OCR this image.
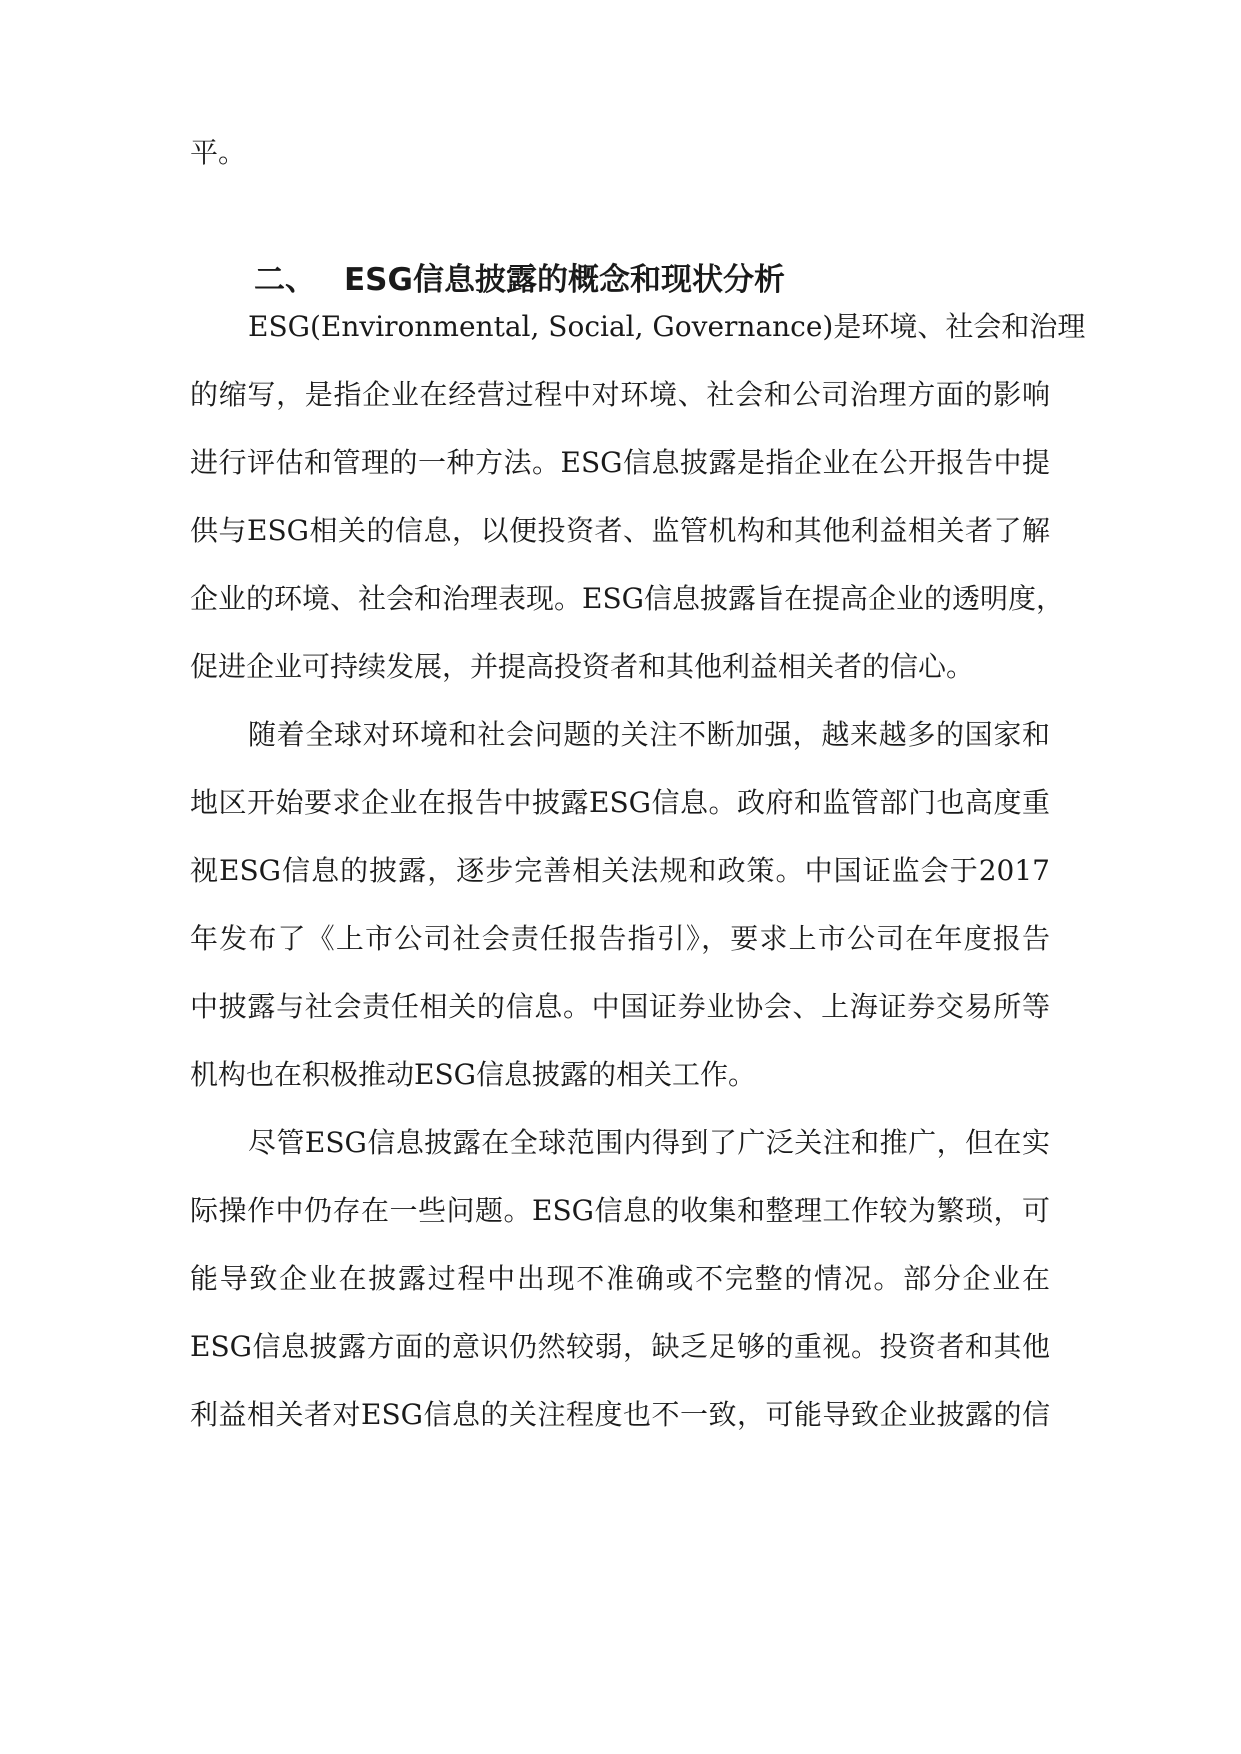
平。
二、 ESG信息披露的概念和现状分析
ESG(Environmental, Social, Governance)是环境、社会和治理
的缩写，是指企业在经营过程中对环境、社会和公司治理方面的影响
进行评估和管理的一种方法。ESG信息披露是指企业在公开报告中提
供与ESG相关的信息，以便投资者、监管机构和其他利益相关者了解
企业的环境、社会和治理表现。ESG信息披露旨在提高企业的透明度，
促进企业可持续发展，并提高投资者和其他利益相关者的信心。
随着全球对环境和社会问题的关注不断加强，越来越多的国家和
地区开始要求企业在报告中披露ESG信息。政府和监管部门也高度重
视ESG信息的披露，逐步完善相关法规和政策。中国证监会于2017
年发布了《上市公司社会责任报告指引》，要求上市公司在年度报告
中披露与社会责任相关的信息。中国证券业协会、上海证券交易所等
机构也在积极推动ESG信息披露的相关工作。
尽管ESG信息披露在全球范围内得到了广泛关注和推广，但在实
际操作中仍存在一些问题。ESG信息的收集和整理工作较为繁琐，可
能导致企业在披露过程中出现不准确或不完整的情况。部分企业在
ESG信息披露方面的意识仍然较弱，缺乏足够的重视。投资者和其他
利益相关者对ESG信息的关注程度也不一致，可能导致企业披露的信
